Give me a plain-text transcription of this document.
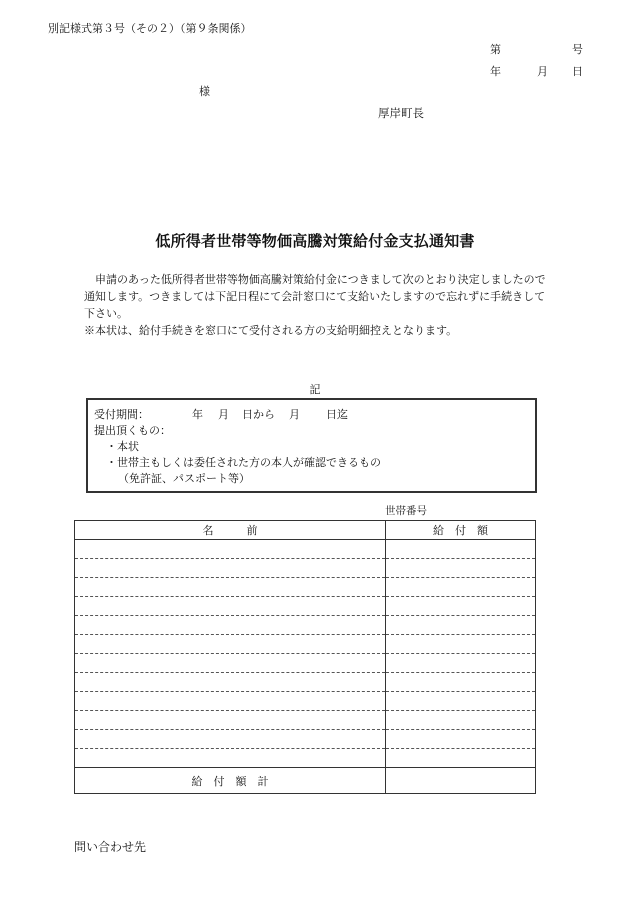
別記様式第３号（その２）（第９条関係）
第	号
年	月 日
様
厚岸町長
低所得者世帯等物価高騰対策給付金支払通知書

申請のあった低所得者世帯等物価高騰対策給付金につきまして次のとおり決定しましたので通知します。つきましては下記日程にて会計窓口にて支給いたしますので忘れずに手続きして下さい。

※本状は、給付手続きを窓口にて受付される方の支給明細控えとなります。

記
受付期間：	年 月 日から 月 日迄
提出頂くもの：
・本状
・世帯主もしくは委任された方の本人が確認できるもの
（免許証、パスポート等）
世帯番号
名　　　前	給　付　額

給　付　額　計	
問い合わせ先
